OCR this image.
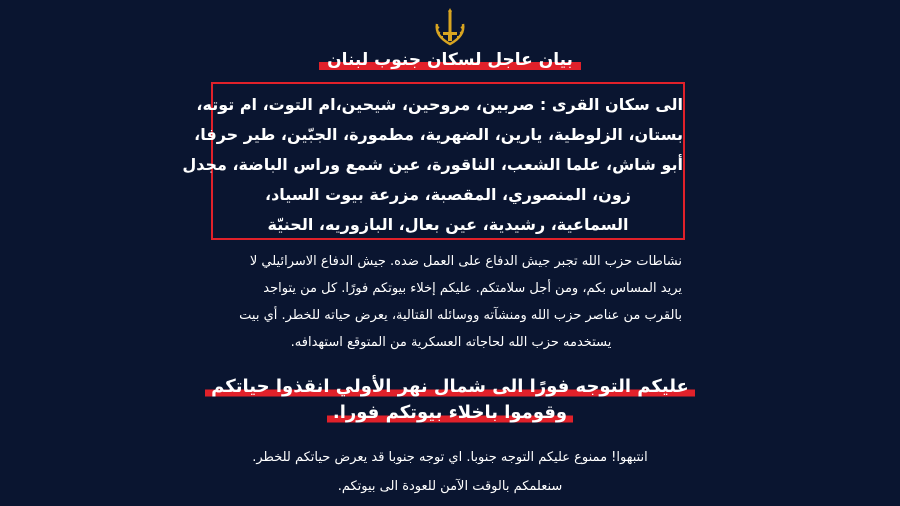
بيان عاجل لسكان جنوب لبنان
الى سكان القرى : صربين، مروحين، شيحين،ام التوت، ام توته،
بستان، الزلوطية، يارين، الضهرية، مطمورة، الجبّين، طير حرفا،
أبو شاش، علما الشعب، الناقورة، عين شمع وراس الباضة، مجدل
زون، المنصوري، المقصبة، مزرعة بيوت السياد،
السماعية، رشيدية، عين بعال، البازوريه، الحنيّة
نشاطات حزب الله تجبر جيش الدفاع على العمل ضده. جيش الدفاع الاسرائيلي لا
يريد المساس بكم، ومن أجل سلامتكم. عليكم إخلاء بيوتكم فورًا. كل من يتواجد
بالقرب من عناصر حزب الله ومنشآته ووسائله القتالية، يعرض حياته للخطر. أي بيت
يستخدمه حزب الله لحاجاته العسكرية من المتوقع استهدافه.
عليكم التوجه فورًا الى شمال نهر الأولي انقذوا حياتكم
وقوموا باخلاء بيوتكم فورا.
انتبهوا! ممنوع عليكم التوجه جنوبا. اي توجه جنوبا قد يعرض حياتكم للخطر.
سنعلمكم بالوقت الآمن للعودة الى بيوتكم.
